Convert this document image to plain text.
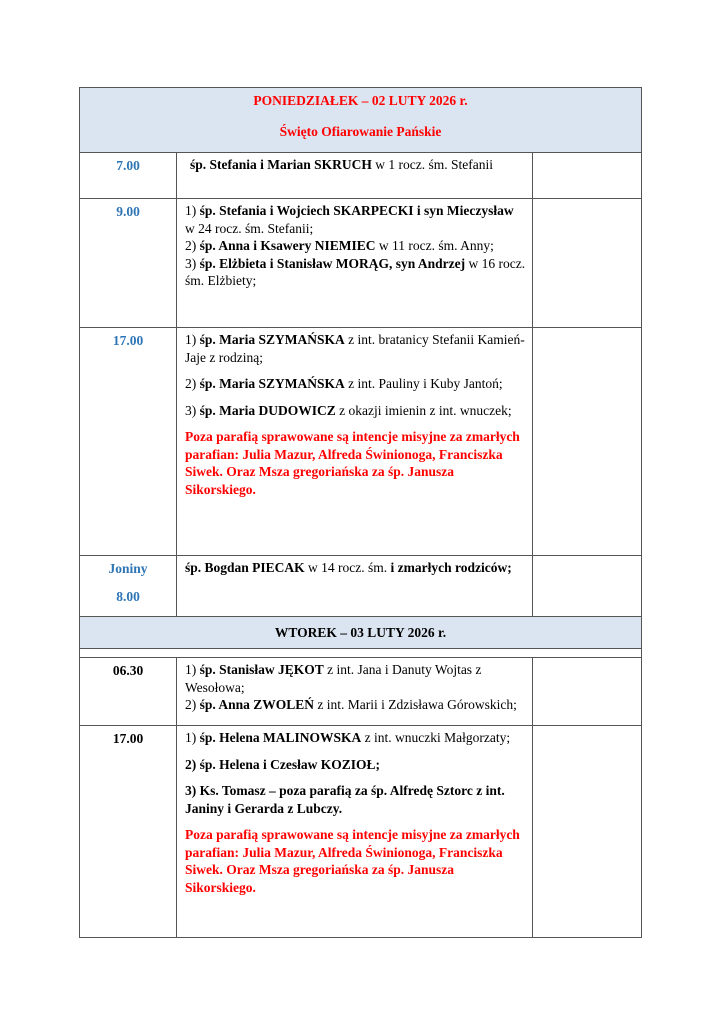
PONIEDZIAŁEK – 02 LUTY 2026 r.
Święto Ofiarowanie Pańskie		

7.00	śp. Stefania i Marian SKRUCH w 1 rocz. śm. Stefanii	

9.00	1) śp. Stefania i Wojciech SKARPECKI i syn Mieczysław w 24 rocz. śm. Stefanii;

2) śp. Anna i Ksawery NIEMIEC w 11 rocz. śm. Anny;

3) śp. Elżbieta i Stanisław MORĄG, syn Andrzej w 16 rocz. śm. Elżbiety;	

17.00	1) śp. Maria SZYMAŃSKA z int. bratanicy Stefanii Kamień-Jaje z rodziną;

2) śp. Maria SZYMAŃSKA z int. Pauliny i Kuby Jantoń;

3) śp. Maria DUDOWICZ z okazji imienin z int. wnuczek;

Poza parafią sprawowane są intencje misyjne za zmarłych parafian: Julia Mazur, Alfreda Świnionoga, Franciszka Siwek. Oraz Msza gregoriańska za śp. Janusza Sikorskiego.	

Joniny
8.00	śp. Bogdan PIECAK w 14 rocz. śm. i zmarłych rodziców;	

WTOREK – 03 LUTY 2026 r.		

06.30	1) śp. Stanisław JĘKOT z int. Jana i Danuty Wojtas z Wesołowa;

2) śp. Anna ZWOLEŃ z int. Marii i Zdzisława Górowskich;	

17.00	1) śp. Helena MALINOWSKA z int. wnuczki Małgorzaty;

2) śp. Helena i Czesław KOZIOŁ;

3) Ks. Tomasz – poza parafią za śp. Alfredę Sztorc z int. Janiny i Gerarda z Lubczy.

Poza parafią sprawowane są intencje misyjne za zmarłych parafian: Julia Mazur, Alfreda Świnionoga, Franciszka Siwek. Oraz Msza gregoriańska za śp. Janusza Sikorskiego.	
